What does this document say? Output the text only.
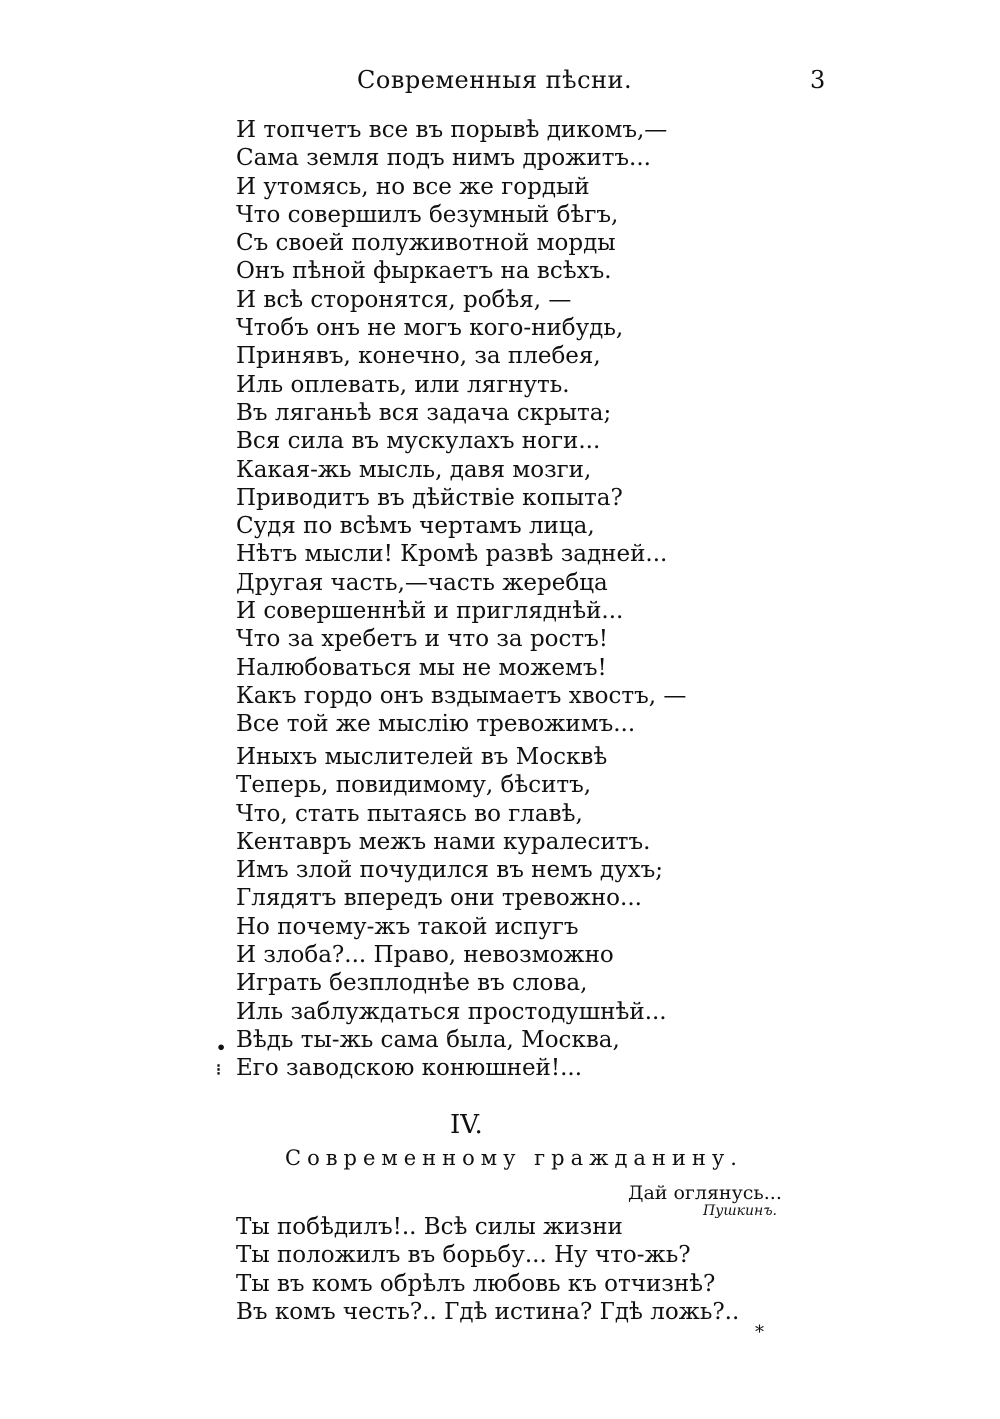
Современныя пѣсни.	3
И топчетъ все въ порывѣ дикомъ,—
Сама земля подъ нимъ дрожитъ...
И утомясь, но все же гордый
Что совершилъ безумный бѣгъ,
Съ своей полуживотной морды
Онъ пѣной фыркаетъ на всѣхъ.
И всѣ сторонятся, робѣя, —
Чтобъ онъ не могъ кого-нибудь,
Принявъ, конечно, за плебея,
Иль оплевать, или лягнуть.
Въ ляганьѣ вся задача скрыта;
Вся сила въ мускулахъ ноги...
Какая-жь мысль, давя мозги,
Приводитъ въ дѣйствіе копыта?
Судя по всѣмъ чертамъ лица,
Нѣтъ мысли! Кромѣ развѣ задней...
Другая часть,—часть жеребца
И совершеннѣй и пригляднѣй...
Что за хребетъ и что за ростъ!
Налюбоваться мы не можемъ!
Какъ гордо онъ вздымаетъ хвостъ, —
Все той же мыслію тревожимъ...
Иныхъ мыслителей въ Москвѣ
Теперь, повидимому, бѣситъ,
Что, стать пытаясь во главѣ,
Кентавръ межъ нами куралеситъ.
Имъ злой почудился въ немъ духъ;
Глядятъ впередъ они тревожно...
Но почему-жъ такой испугъ
И злоба?... Право, невозможно
Играть безплоднѣе въ слова,
Иль заблуждаться простодушнѣй...
Вѣдь ты-жь сама была, Москва,
Его заводскою конюшней!...
•
⁝
IV.
Современному гражданину.
Дай оглянусь...
Пушкинъ.
Ты побѣдилъ!.. Всѣ силы жизни
Ты положилъ въ борьбу... Ну что-жь?
Ты въ комъ обрѣлъ любовь къ отчизнѣ?
Въ комъ честь?.. Гдѣ истина? Гдѣ ложь?..
*
